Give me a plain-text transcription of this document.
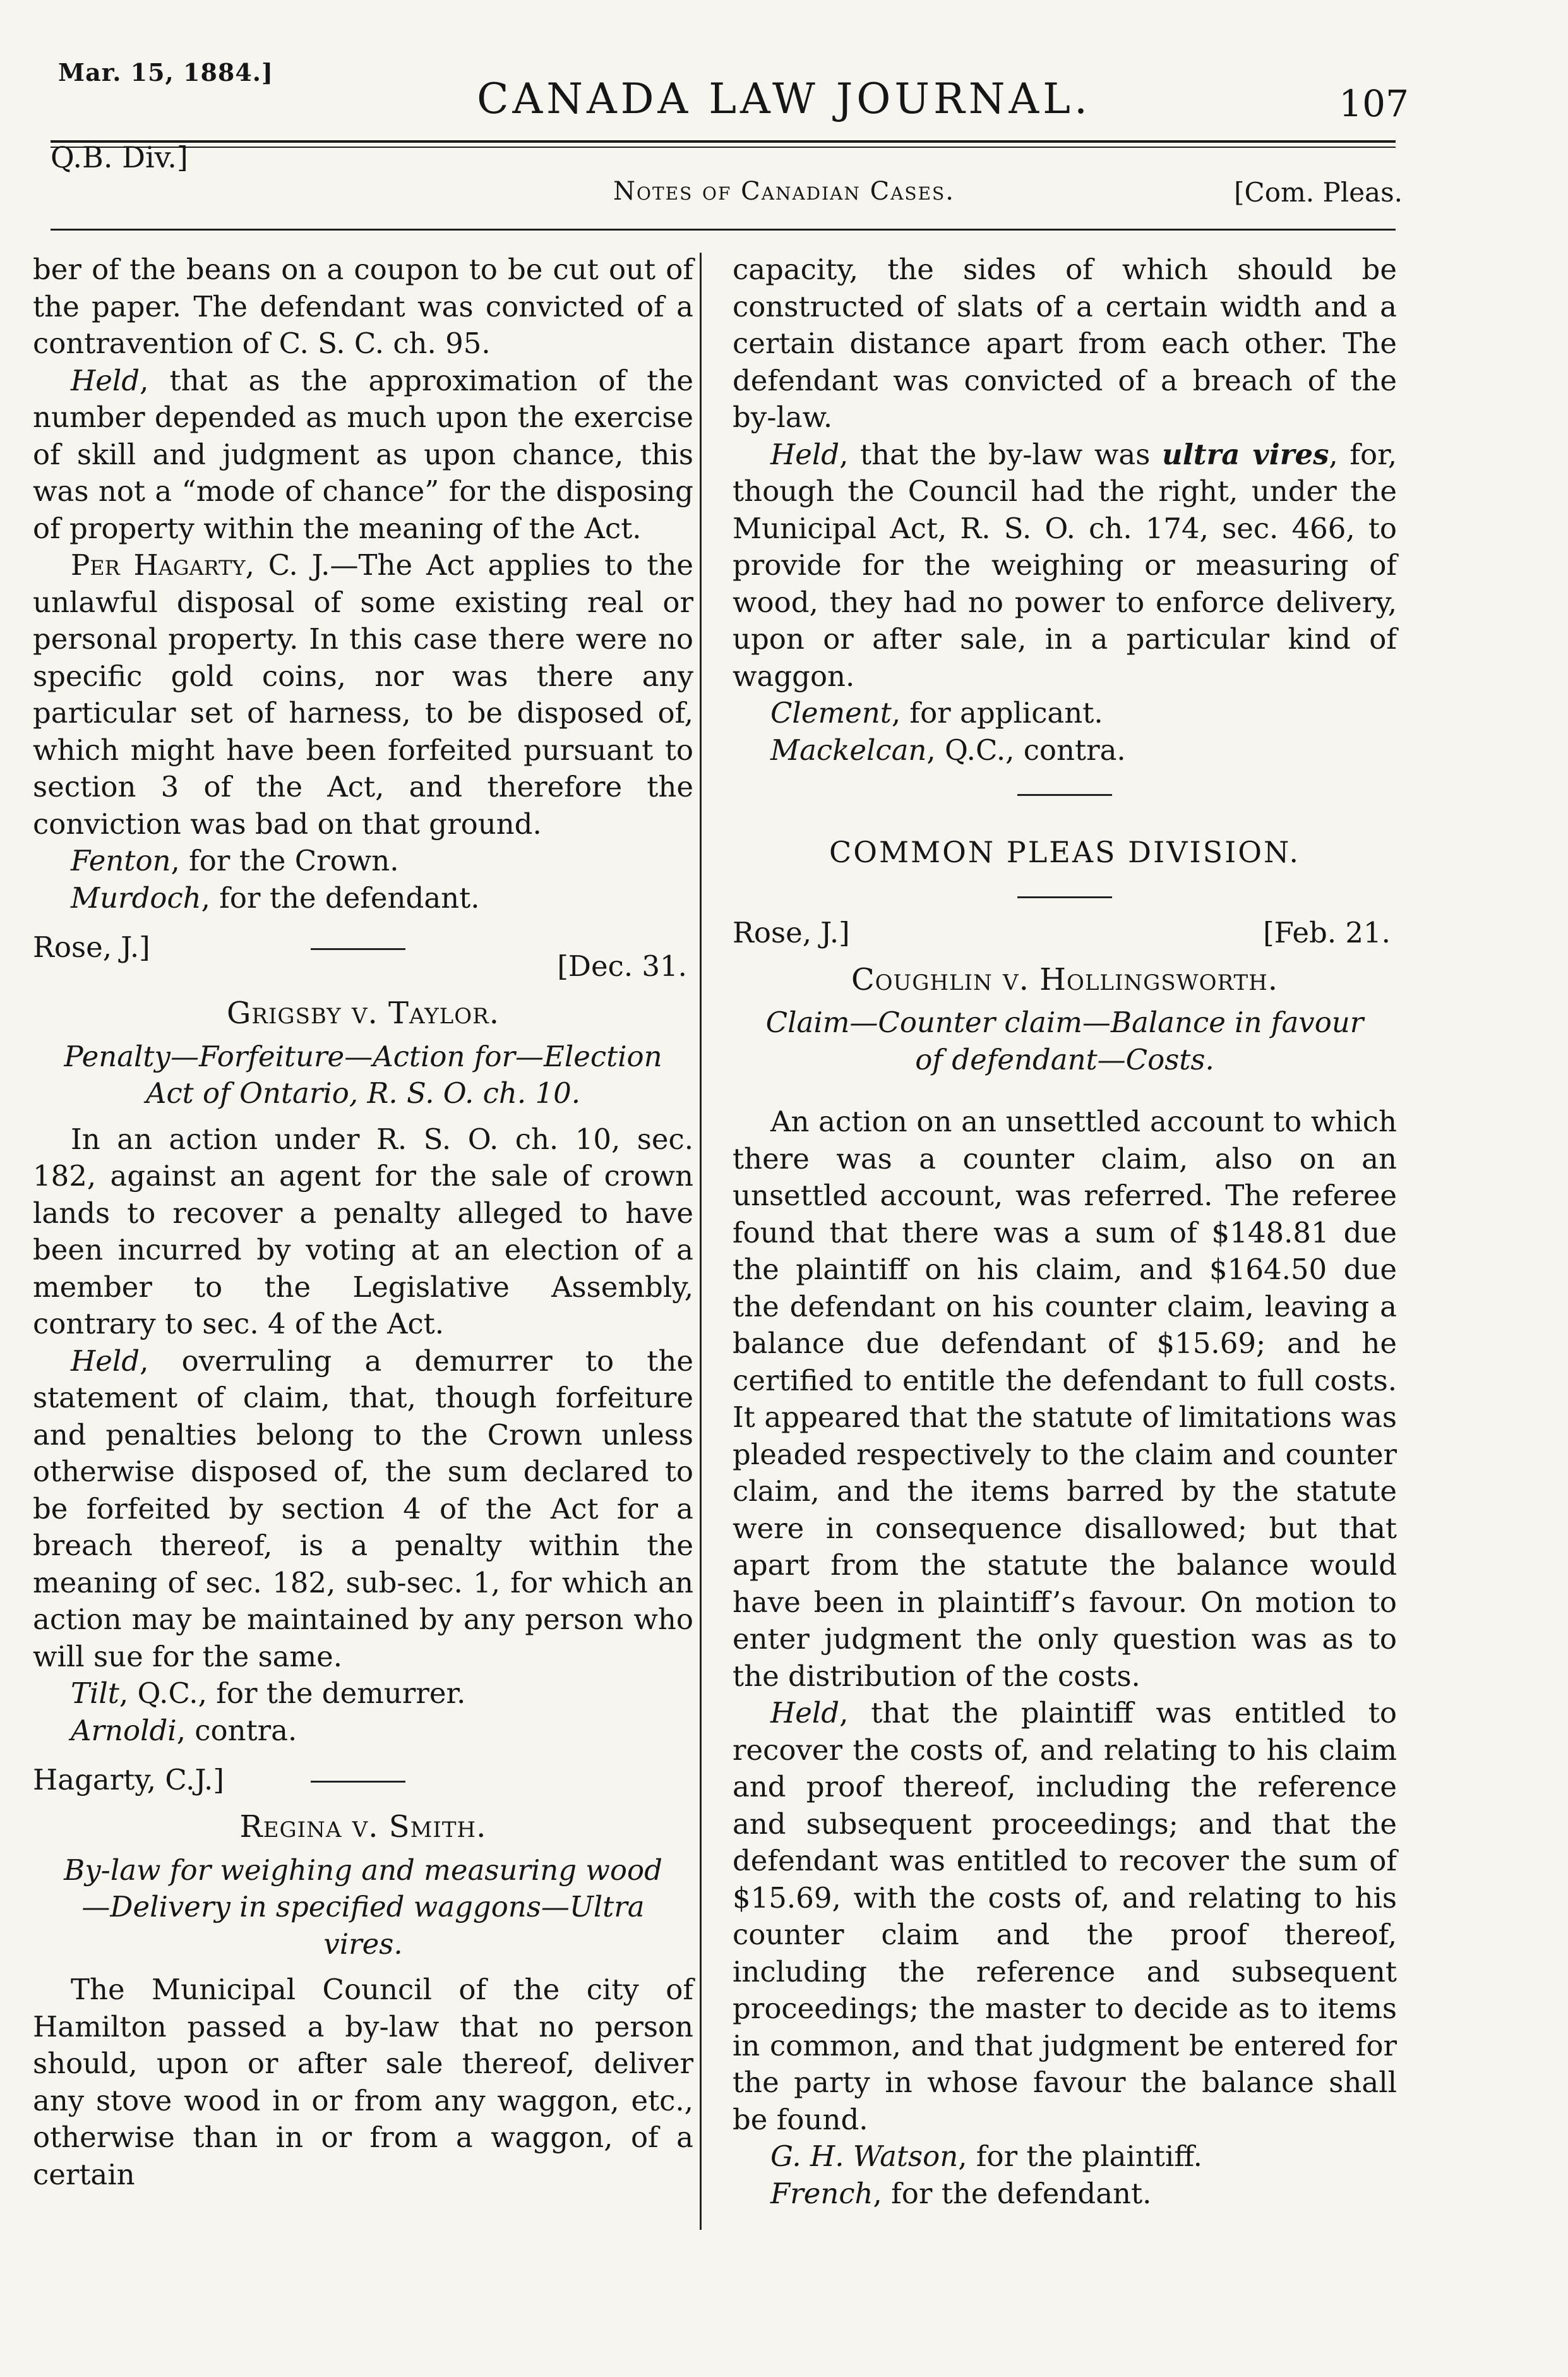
Mar. 15, 1884.]
CANADA LAW JOURNAL.	107
Q.B. Div.]
Notes of Canadian Cases.	[Com. Pleas.

ber of the beans on a coupon to be cut out of the paper. The defendant was convicted of a contravention of C. S. C. ch. 95.

Held, that as the approximation of the number depended as much upon the exercise of skill and judgment as upon chance, this was not a “mode of chance” for the disposing of property within the meaning of the Act.

Per Hagarty, C. J.—The Act applies to the unlawful disposal of some existing real or personal property. In this case there were no specific gold coins, nor was there any particular set of harness, to be disposed of, which might have been forfeited pursuant to section 3 of the Act, and therefore the conviction was bad on that ground.

Fenton, for the Crown.

Murdoch, for the defendant.

Rose, J.]
[Dec. 31.
Grigsby v. Taylor.
Penalty—Forfeiture—Action for—Election Act of Ontario, R. S. O. ch. 10.

In an action under R. S. O. ch. 10, sec. 182, against an agent for the sale of crown lands to recover a penalty alleged to have been incurred by voting at an election of a member to the Legislative Assembly, contrary to sec. 4 of the Act.

Held, overruling a demurrer to the statement of claim, that, though forfeiture and penalties belong to the Crown unless otherwise disposed of, the sum declared to be forfeited by section 4 of the Act for a breach thereof, is a penalty within the meaning of sec. 182, sub-sec. 1, for which an action may be maintained by any person who will sue for the same.

Tilt, Q.C., for the demurrer.

Arnoldi, contra.

Hagarty, C.J.]
Regina v. Smith.
By-law for weighing and measuring wood—Delivery in specified waggons—Ultra vires.

The Municipal Council of the city of Hamilton passed a by-law that no person should, upon or after sale thereof, deliver any stove wood in or from any waggon, etc., otherwise than in or from a waggon, of a certain

capacity, the sides of which should be constructed of slats of a certain width and a certain distance apart from each other. The defendant was convicted of a breach of the by-law.

Held, that the by-law was ultra vires, for, though the Council had the right, under the Municipal Act, R. S. O. ch. 174, sec. 466, to provide for the weighing or measuring of wood, they had no power to enforce delivery, upon or after sale, in a particular kind of waggon.

Clement, for applicant.

Mackelcan, Q.C., contra.

COMMON PLEAS DIVISION.
Rose, J.]	[Feb. 21.
Coughlin v. Hollingsworth.
Claim—Counter claim—Balance in favour of defendant—Costs.

An action on an unsettled account to which there was a counter claim, also on an unsettled account, was referred. The referee found that there was a sum of $148.81 due the plaintiff on his claim, and $164.50 due the defendant on his counter claim, leaving a balance due defendant of $15.69; and he certified to entitle the defendant to full costs. It appeared that the statute of limitations was pleaded respectively to the claim and counter claim, and the items barred by the statute were in consequence disallowed; but that apart from the statute the balance would have been in plaintiff’s favour. On motion to enter judgment the only question was as to the distribution of the costs.

Held, that the plaintiff was entitled to recover the costs of, and relating to his claim and proof thereof, including the reference and subsequent proceedings; and that the defendant was entitled to recover the sum of $15.69, with the costs of, and relating to his counter claim and the proof thereof, including the reference and subsequent proceedings; the master to decide as to items in common, and that judgment be entered for the party in whose favour the balance shall be found.

G. H. Watson, for the plaintiff.

French, for the defendant.
